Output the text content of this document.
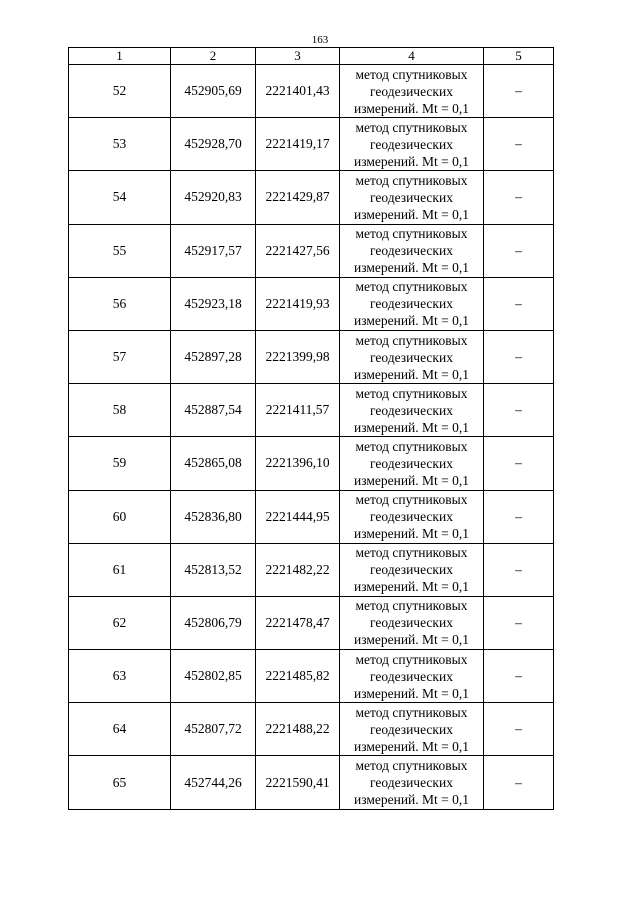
163
1	2	3	4	5
52	452905,69	2221401,43	метод спутниковых
геодезических
измерений. Mt = 0,1	–
53	452928,70	2221419,17	метод спутниковых
геодезических
измерений. Mt = 0,1	–
54	452920,83	2221429,87	метод спутниковых
геодезических
измерений. Mt = 0,1	–
55	452917,57	2221427,56	метод спутниковых
геодезических
измерений. Mt = 0,1	–
56	452923,18	2221419,93	метод спутниковых
геодезических
измерений. Mt = 0,1	–
57	452897,28	2221399,98	метод спутниковых
геодезических
измерений. Mt = 0,1	–
58	452887,54	2221411,57	метод спутниковых
геодезических
измерений. Mt = 0,1	–
59	452865,08	2221396,10	метод спутниковых
геодезических
измерений. Mt = 0,1	–
60	452836,80	2221444,95	метод спутниковых
геодезических
измерений. Mt = 0,1	–
61	452813,52	2221482,22	метод спутниковых
геодезических
измерений. Mt = 0,1	–
62	452806,79	2221478,47	метод спутниковых
геодезических
измерений. Mt = 0,1	–
63	452802,85	2221485,82	метод спутниковых
геодезических
измерений. Mt = 0,1	–
64	452807,72	2221488,22	метод спутниковых
геодезических
измерений. Mt = 0,1	–
65	452744,26	2221590,41	метод спутниковых
геодезических
измерений. Mt = 0,1	–
